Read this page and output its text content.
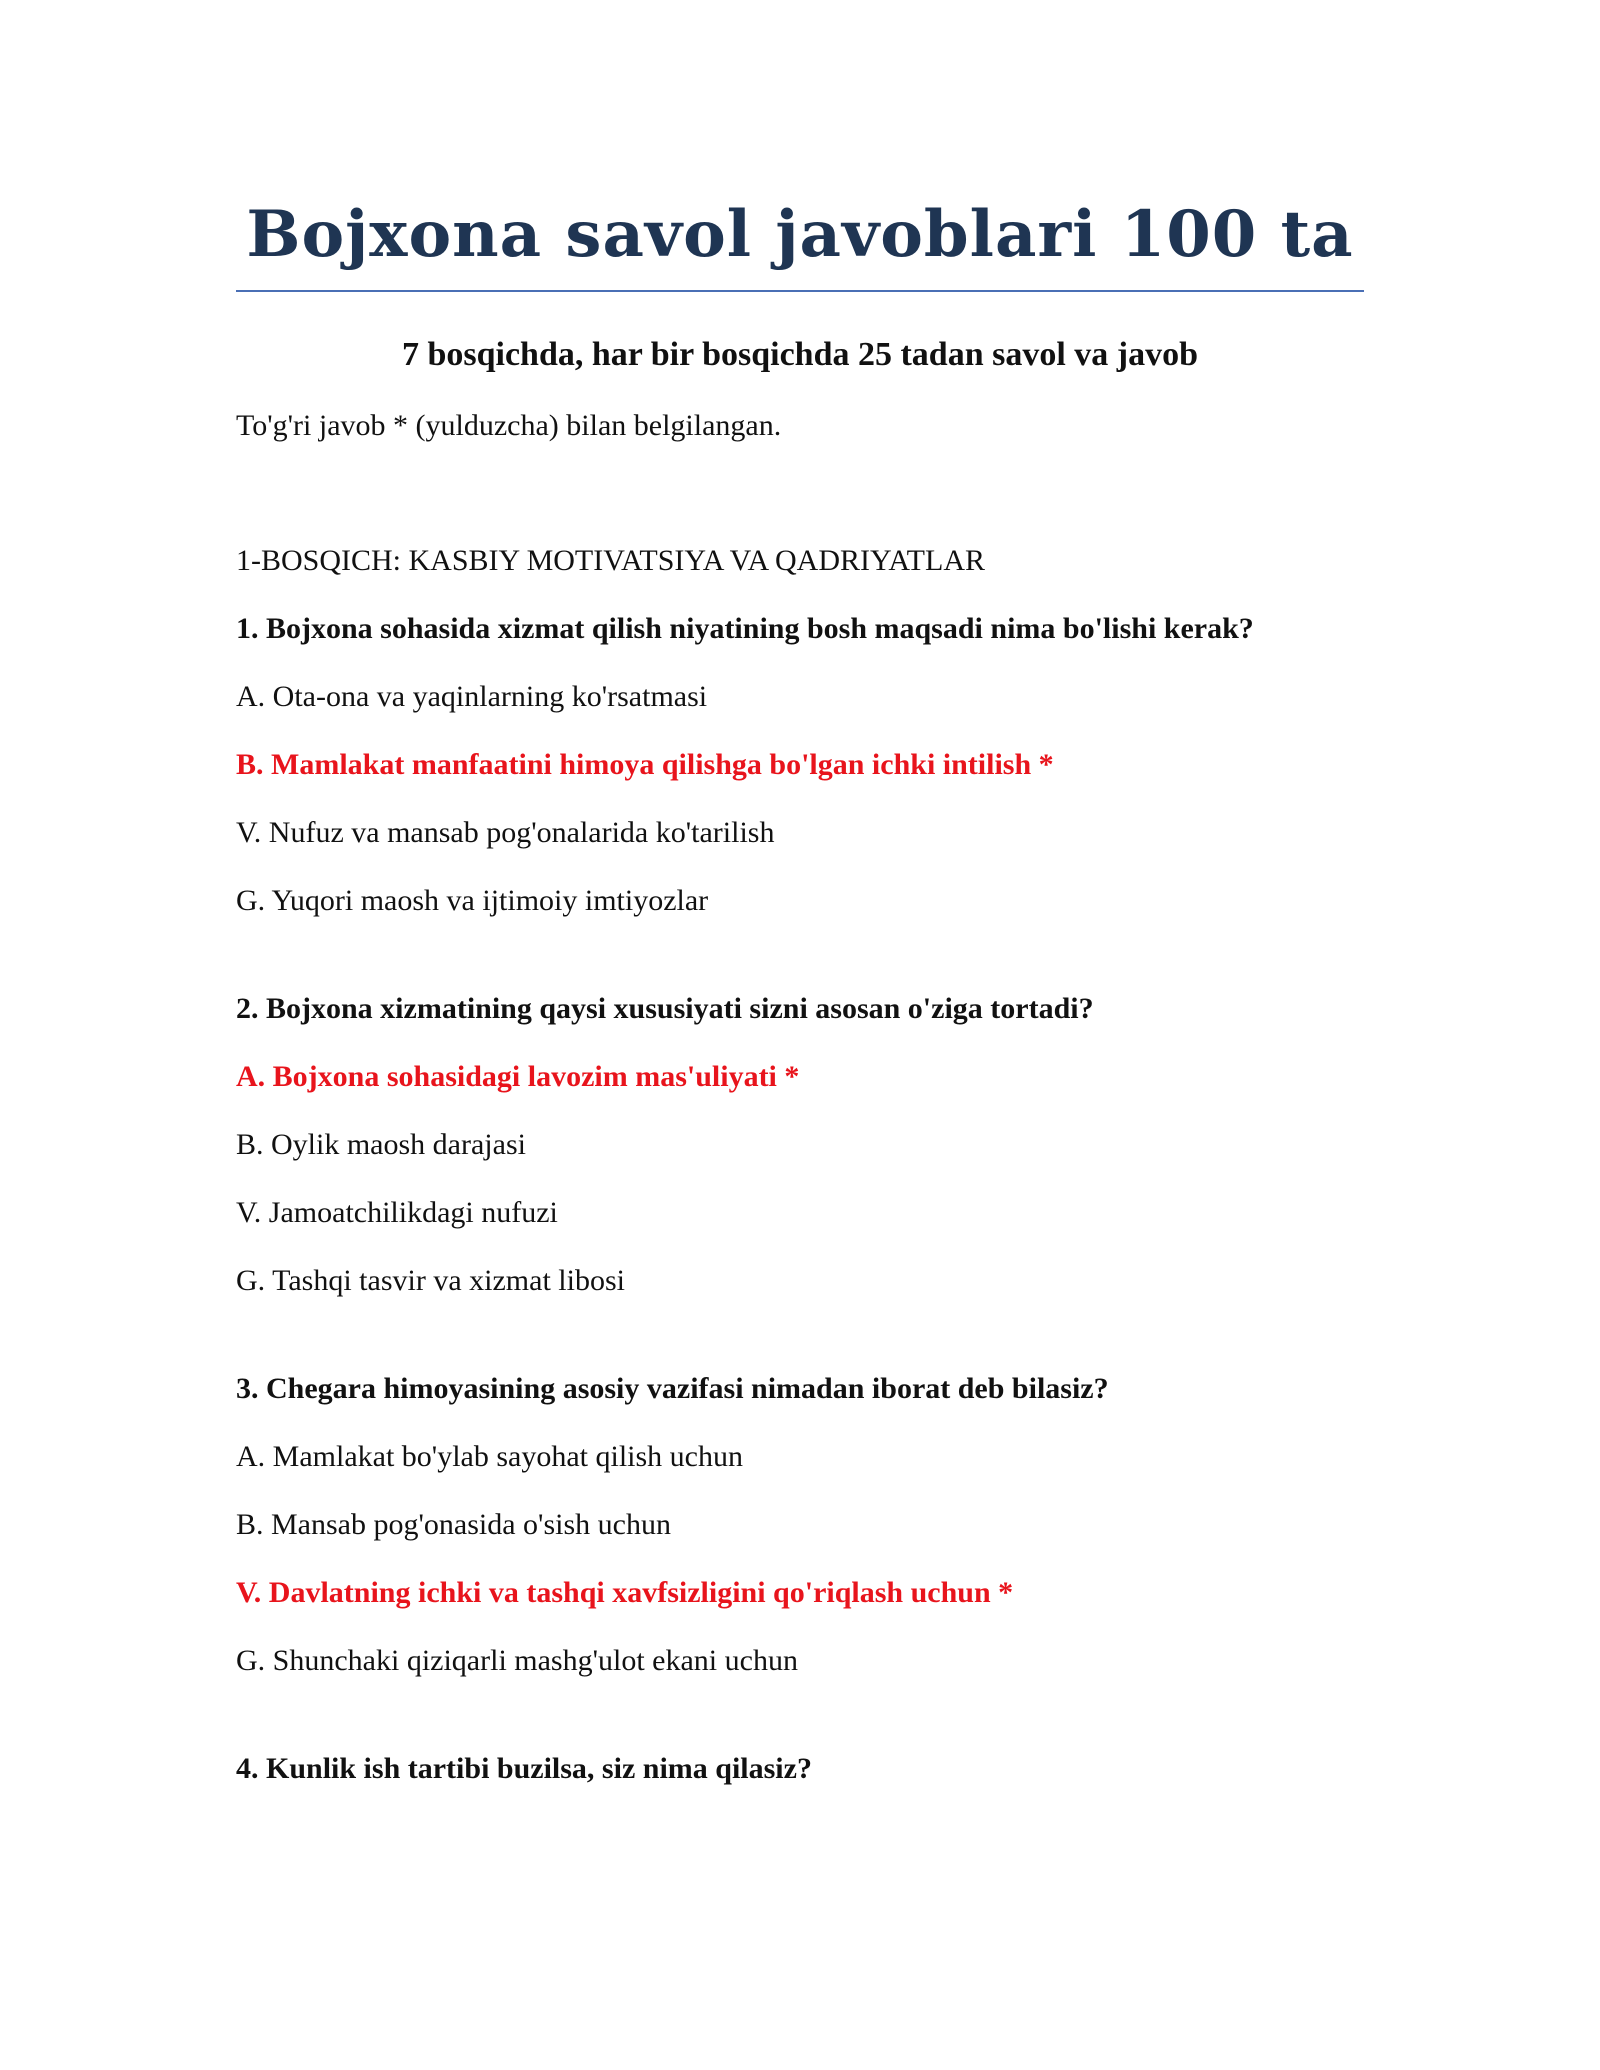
Bojxona savol javoblari 100 ta
7 bosqichda, har bir bosqichda 25 tadan savol va javob
To'g'ri javob * (yulduzcha) bilan belgilangan.
1-BOSQICH: KASBIY MOTIVATSIYA VA QADRIYATLAR
1. Bojxona sohasida xizmat qilish niyatining bosh maqsadi nima bo'lishi kerak?
A. Ota-ona va yaqinlarning ko'rsatmasi
B. Mamlakat manfaatini himoya qilishga bo'lgan ichki intilish *
V. Nufuz va mansab pog'onalarida ko'tarilish
G. Yuqori maosh va ijtimoiy imtiyozlar
2. Bojxona xizmatining qaysi xususiyati sizni asosan o'ziga tortadi?
A. Bojxona sohasidagi lavozim mas'uliyati *
B. Oylik maosh darajasi
V. Jamoatchilikdagi nufuzi
G. Tashqi tasvir va xizmat libosi
3. Chegara himoyasining asosiy vazifasi nimadan iborat deb bilasiz?
A. Mamlakat bo'ylab sayohat qilish uchun
B. Mansab pog'onasida o'sish uchun
V. Davlatning ichki va tashqi xavfsizligini qo'riqlash uchun *
G. Shunchaki qiziqarli mashg'ulot ekani uchun
4. Kunlik ish tartibi buzilsa, siz nima qilasiz?
